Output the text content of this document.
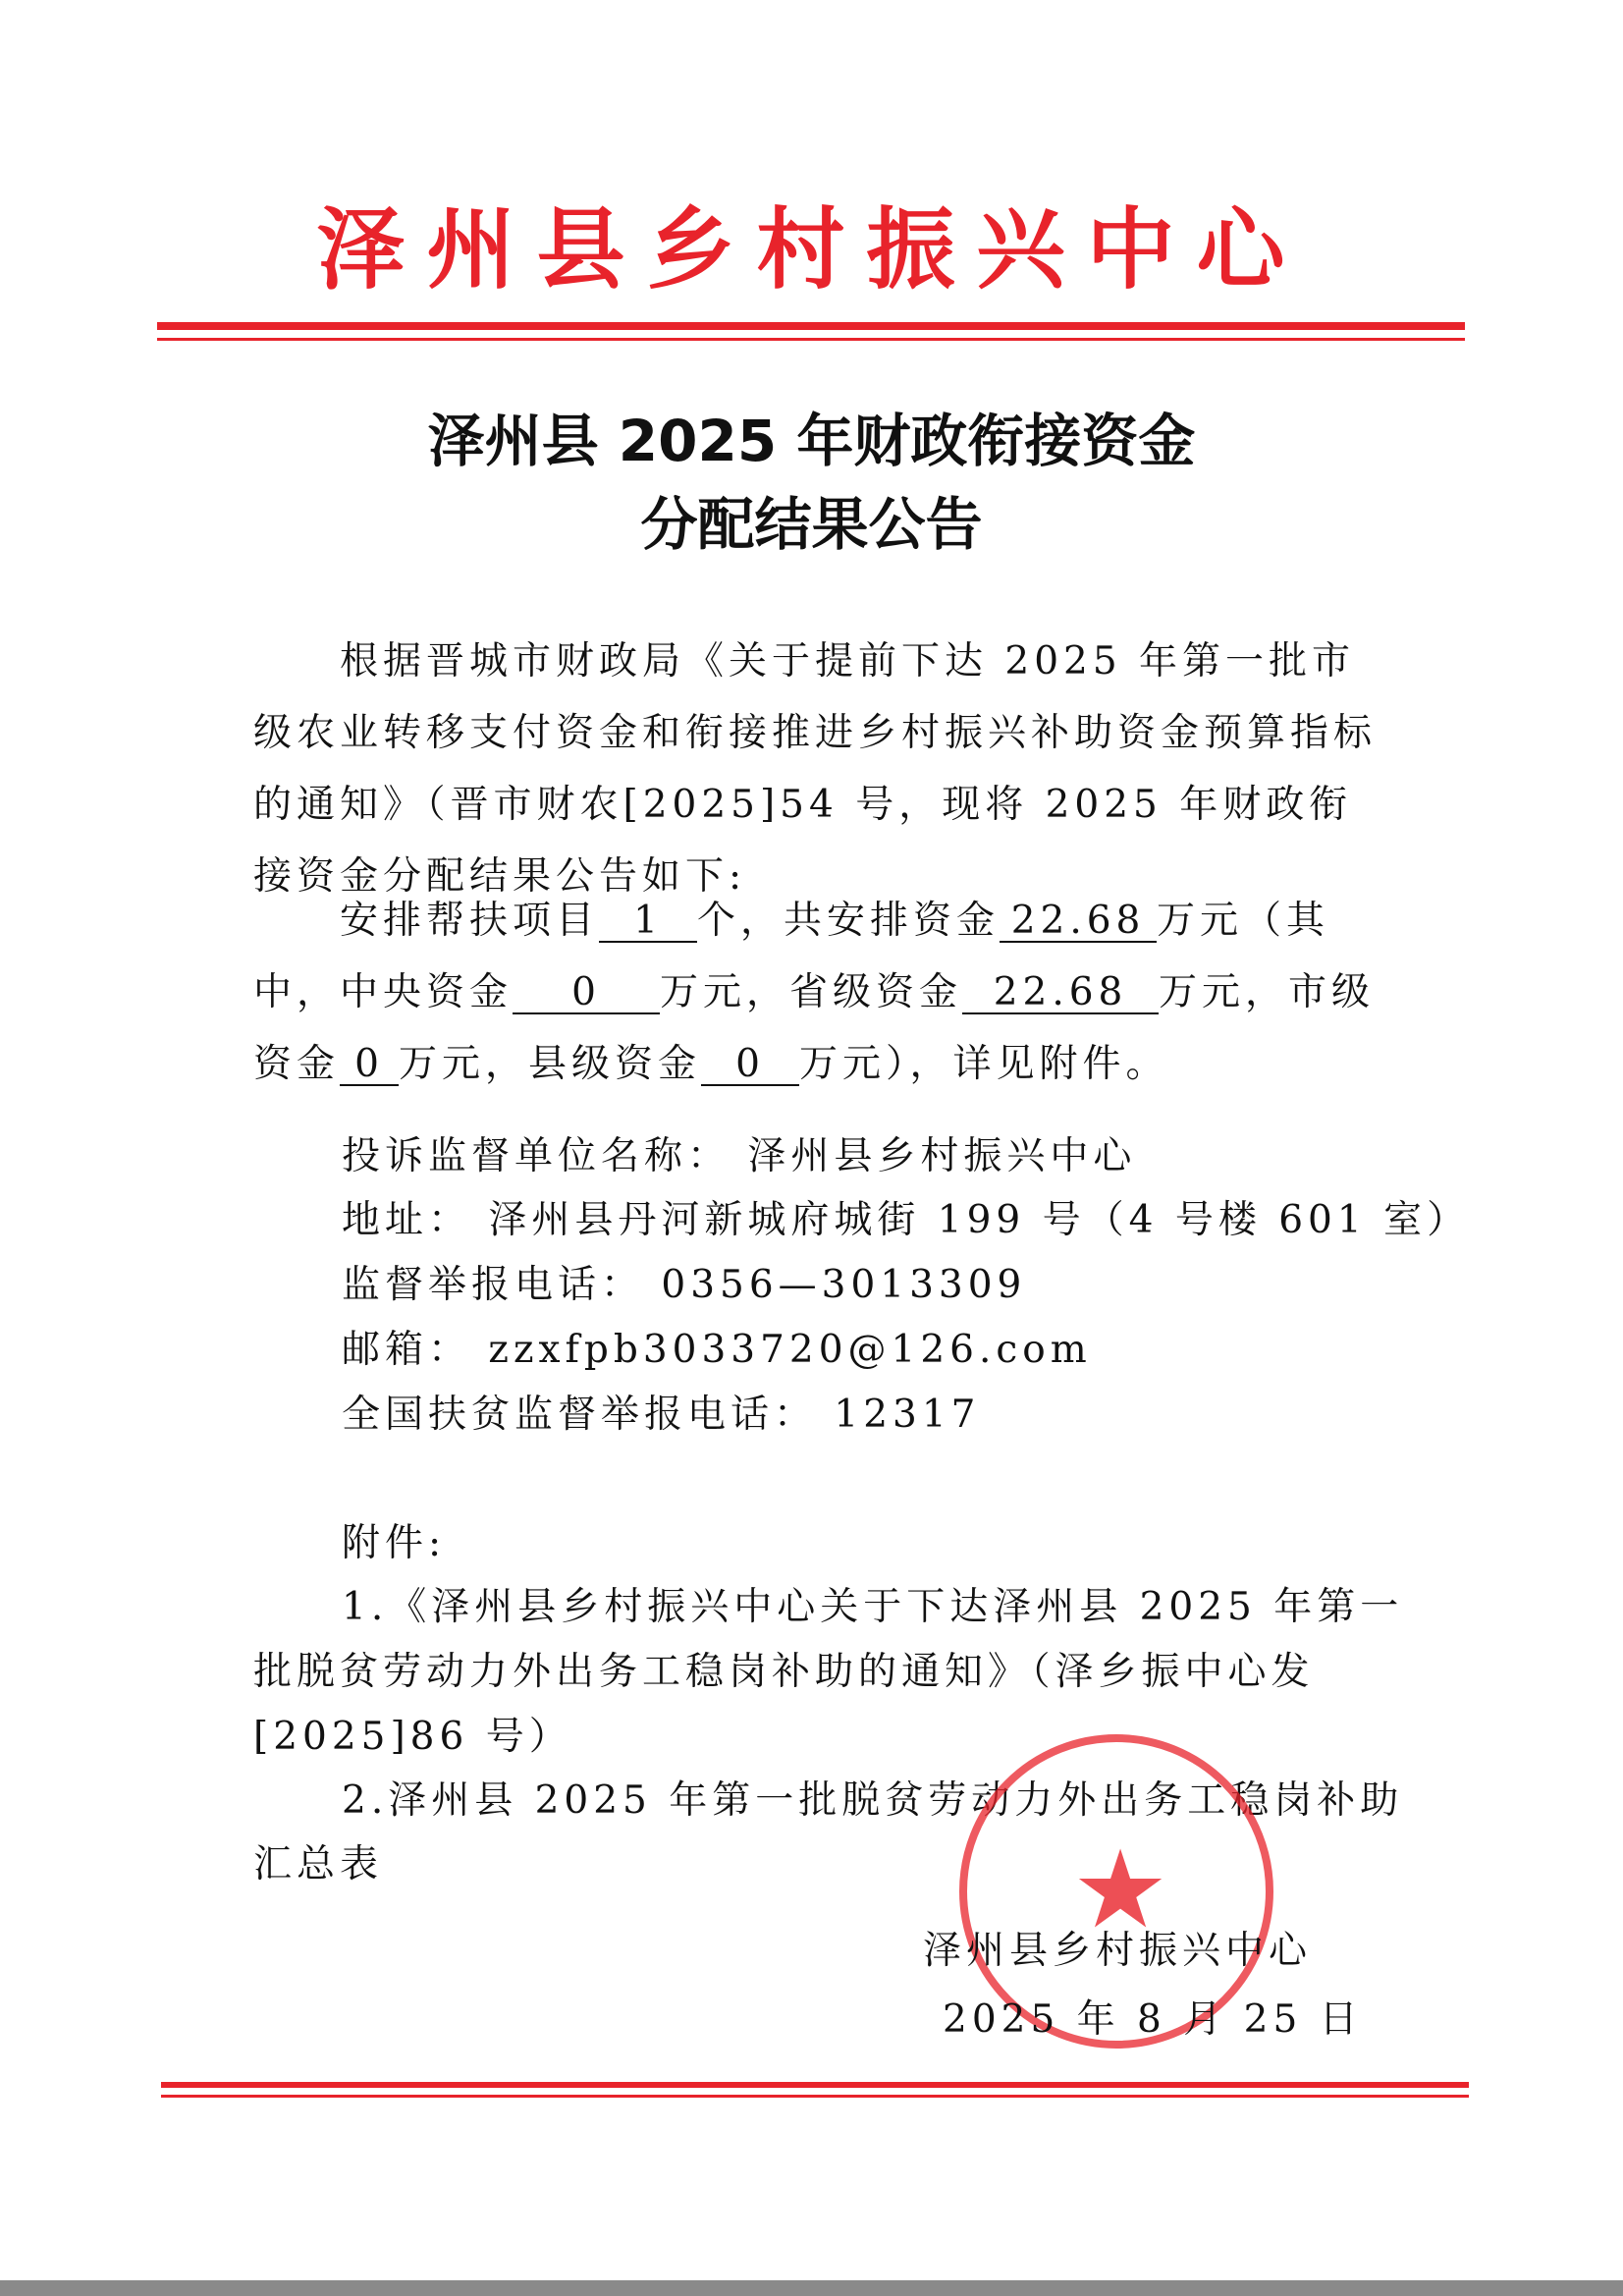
泽州县乡村振兴中心
泽州县 2025 年财政衔接资金
分配结果公告
根据晋城市财政局《关于提前下达 2025 年第一批市级农业转移支付资金和衔接推进乡村振兴补助资金预算指标的通知》（晋市财农[2025]54 号，现将 2025 年财政衔接资金分配结果公告如下:
安排帮扶项目 1 个，共安排资金 22.68 万元（其中，中央资金 0 万元，省级资金 22.68 万元，市级资金 0 万元，县级资金 0 万元），详见附件。
投诉监督单位名称： 泽州县乡村振兴中心
地址： 泽州县丹河新城府城街 199 号（4 号楼 601 室）
监督举报电话： 0356—3013309
邮箱： zzxfpb3033720@126.com
全国扶贫监督举报电话： 12317
附件:
1.《泽州县乡村振兴中心关于下达泽州县 2025 年第一
批脱贫劳动力外出务工稳岗补助的通知》（泽乡振中心发
[2025]86 号）
2.泽州县 2025 年第一批脱贫劳动力外出务工稳岗补助
汇总表	★
泽州县乡村振兴中心
2025 年 8 月 25 日
